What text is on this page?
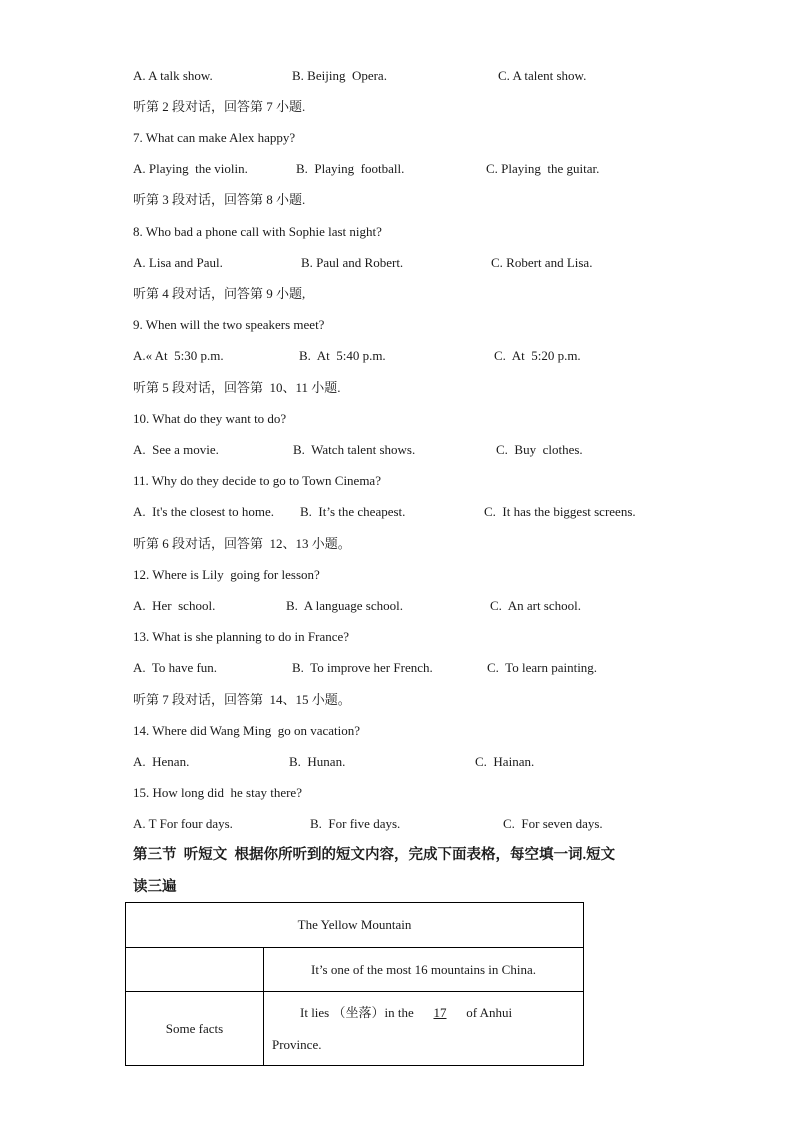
A. A talk show.	B. Beijing  Opera.	C. A talent show.
听第 2 段对话，回答第 7 小题.
7. What can make Alex happy?
A. Playing  the violin.	B.  Playing  football.	C. Playing  the guitar.
听第 3 段对话，回答第 8 小题.
8. Who bad a phone call with Sophie last night?
A. Lisa and Paul.	B. Paul and Robert.	C. Robert and Lisa.
听第 4 段对话，问答第 9 小题,
9. When will the two speakers meet?
A.« At  5:30 p.m.	B.  At  5:40 p.m.	C.  At  5:20 p.m.
听第 5 段对话，回答第  10、11 小题.
10. What do they want to do?
A.  See a movie.	B.  Watch talent shows.	C.  Buy  clothes.
11. Why do they decide to go to Town Cinema?
A.  It's the closest to home. B.  It’s the cheapest.	C.  It has the biggest screens.
听第 6 段对话，回答第  12、13 小题。
12. Where is Lily  going for lesson?
A.  Her  school.	B.  A language school.	C.  An art school.
13. What is she planning to do in France?
A.  To have fun.	B.  To improve her French.	C.  To learn painting.
听第 7 段对话，回答第  14、15 小题。
14. Where did Wang Ming  go on vacation?
A.  Henan.	B.  Hunan.	C.  Hainan.
15. How long did  he stay there?
A. T For four days.	B.  For five days.	C.  For seven days.
第三节  听短文  根据你所听到的短文内容，完成下面表格，每空填一词.短文
读三遍
The Yellow Mountain	
	It’s one of the most 16 mountains in China.
Some facts	It lies （坐落）in the 17 of Anhui
Province.
